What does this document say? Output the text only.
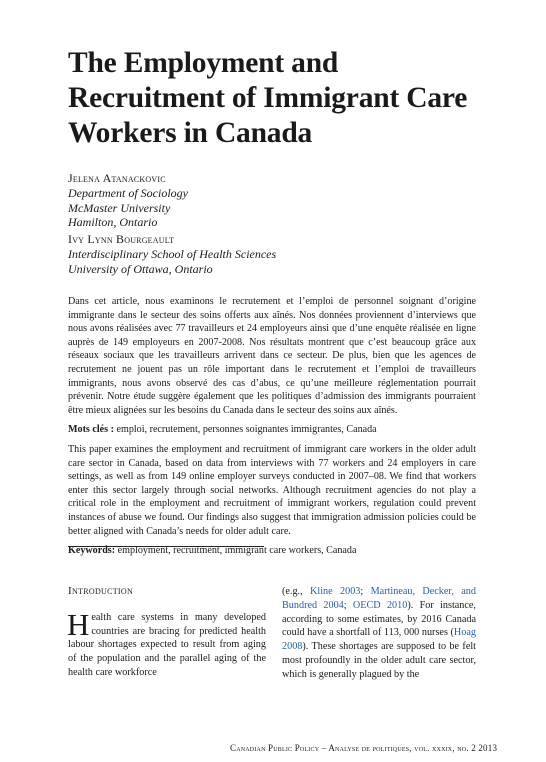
The Employment and
Recruitment of Immigrant Care
Workers in Canada
Jelena Atanackovic
Department of Sociology
McMaster University
Hamilton, Ontario
Ivy Lynn Bourgeault
Interdisciplinary School of Health Sciences
University of Ottawa, Ontario

Dans cet article, nous examinons le recrutement et l’emploi de personnel soignant d’origine immigrante dans le secteur des soins offerts aux aînés. Nos données proviennent d’interviews que nous avons réalisées avec 77 travailleurs et 24 employeurs ainsi que d’une enquête réalisée en ligne auprès de 149 employeurs en 2007-2008. Nos résultats montrent que c’est beaucoup grâce aux réseaux sociaux que les travailleurs arrivent dans ce secteur. De plus, bien que les agences de recrutement ne jouent pas un rôle important dans le recrutement et l’emploi de travailleurs immigrants, nous avons observé des cas d’abus, ce qu’une meilleure réglementation pourrait prévenir. Notre étude suggère également que les politiques d’admission des immigrants pourraient être mieux alignées sur les besoins du Canada dans le secteur des soins aux aînés.

Mots clés : emploi, recrutement, personnes soignantes immigrantes, Canada

This paper examines the employment and recruitment of immigrant care workers in the older adult care sector in Canada, based on data from interviews with 77 workers and 24 employers in care settings, as well as from 149 online employer surveys conducted in 2007–08. We find that workers enter this sector largely through social networks. Although recruitment agencies do not play a critical role in the employment and recruitment of immigrant workers, regulation could prevent instances of abuse we found. Our findings also suggest that immigration admission policies could be better aligned with Canada’s needs for older adult care.

Keywords: employment, recruitment, immigrant care workers, Canada

Introduction

Health care systems in many developed countries are bracing for predicted health labour shortages expected to result from aging of the population and the parallel aging of the health care workforce

(e.g., Kline 2003; Martineau, Decker, and Bundred 2004; OECD 2010). For instance, according to some estimates, by 2016 Canada could have a shortfall of 113, 000 nurses (Hoag 2008). These shortages are supposed to be felt most profoundly in the older adult care sector, which is generally plagued by the
Canadian Public Policy – Analyse de politiques, vol. xxxix, no. 2 2013
